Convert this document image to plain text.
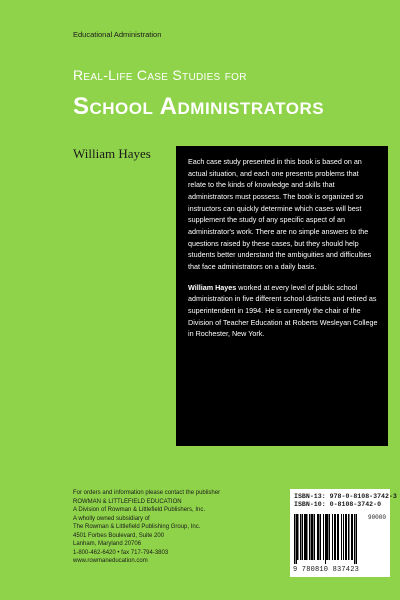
Educational Administration
Real-Life Case Studies for
School Administrators
William Hayes

Each case study presented in this book is based on an actual situation, and each one presents problems that relate to the kinds of knowledge and skills that administrators must possess. The book is organized so instructors can quickly determine which cases will best supplement the study of any specific aspect of an administrator's work. There are no simple answers to the questions raised by these cases, but they should help students better understand the ambiguities and difficulties that face administrators on a daily basis.

William Hayes worked at every level of public school administration in five different school districts and retired as superintendent in 1994. He is currently the chair of the Division of Teacher Education at Roberts Wesleyan College in Rochester, New York.

For orders and information please contact the publisher
ROWMAN & LITTLEFIELD EDUCATION
A Division of Rowman & Littlefield Publishers, Inc.
A wholly owned subsidiary of
The Rowman & Littlefield Publishing Group, Inc.
4501 Forbes Boulevard, Suite 200
Lanham, Maryland 20706
1-800-462-6420 • fax 717-794-3803
www.rowmaneducation.com
ISBN-13: 978-0-8108-3742-3
ISBN-10: 0-8108-3742-0
90000
9 780810 837423
